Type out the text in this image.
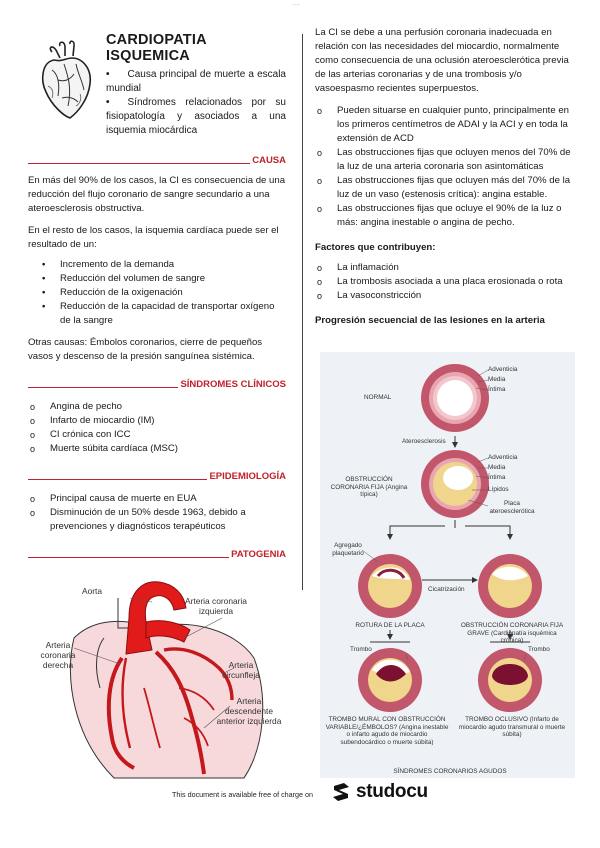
...
CARDIOPATIA ISQUEMICA
• Causa principal de muerte a escala mundial
• Síndromes relacionados por su fisiopatología y asociados a una isquemia miocárdica
CAUSA

En más del 90% de los casos, la CI es consecuencia de una reducción del flujo coronario de sangre secundario a una ateroesclerosis obstructiva.

En el resto de los casos, la isquemia cardíaca puede ser el resultado de un:

• Incremento de la demanda
• Reducción del volumen de sangre
• Reducción de la oxigenación
• Reducción de la capacidad de transportar oxígeno de la sangre

Otras causas: Émbolos coronarios, cierre de pequeños vasos y descenso de la presión sanguínea sistémica.

SÍNDROMES CLÍNICOS
o Angina de pecho
o Infarto de miocardio (IM)
o CI crónica con ICC
o Muerte súbita cardíaca (MSC)
EPIDEMIOLOGÍA
o Principal causa de muerte en EUA
o Disminución de un 50% desde 1963, debido a prevenciones y diagnósticos terapéuticos
PATOGENIA
Aorta
Arteria coronaria izquierda
Arteria coronaria derecha	Arteria circunfleja
Arteria descendente anterior izquierda

La CI se debe a una perfusión coronaria inadecuada en relación con las necesidades del miocardio, normalmente como consecuencia de una oclusión ateroesclerótica previa de las arterias coronarias y de una trombosis y/o vasoespasmo recientes superpuestos.

o Pueden situarse en cualquier punto, principalmente en los primeros centímetros de ADAI y la ACI y en toda la extensión de ACD
o Las obstrucciones fijas que ocluyen menos del 70% de la luz de una arteria coronaria son asintomáticas
o Las obstrucciones fijas que ocluyen más del 70% de la luz de un vaso (estenosis crítica): angina estable.
o Las obstrucciones fijas que ocluye el 90% de la luz o más: angina inestable o angina de pecho.
Factores que contribuyen:
o La inflamación
o La trombosis asociada a una placa erosionada o rota
o La vasoconstricción
Progresión secuencial de las lesiones en la arteria
Adventicia
Media
Íntima
NORMAL
Ateroesclerosis
Adventicia
Media
Íntima
Lípidos
OBSTRUCCIÓN CORONARIA FIJA (Angina típica)
Placa ateroesclerótica
Agregado plaquetario
Cicatrización
ROTURA DE LA PLACA	OBSTRUCCIÓN CORONARIA FIJA GRAVE (Cardiopatía isquémica crónica)
Trombo	Trombo
TROMBO MURAL CON OBSTRUCCIÓN VARIABLE/¿ÉMBOLOS? (Angina inestable o infarto agudo de miocardio subendocárdico o muerte súbita)
TROMBO OCLUSIVO (Infarto de miocardio agudo transmural o muerte súbita)
SÍNDROMES CORONARIOS AGUDOS
This document is available free of charge on studocu
